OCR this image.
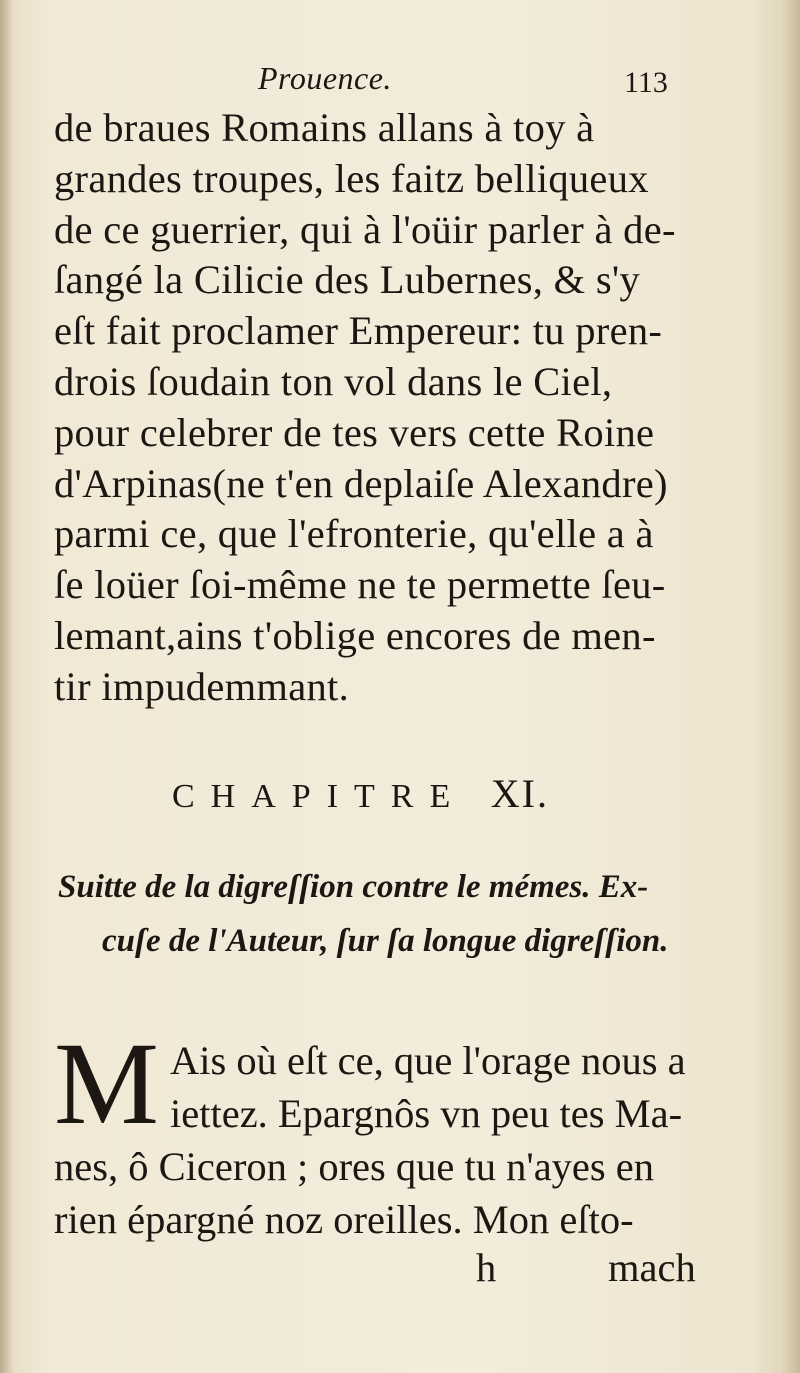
Prouence.	113
de braues Romains allans à toy à
grandes troupes, les faitz belliqueux
de ce guerrier, qui à l'oüir parler à de-
ſangé la Cilicie des Lubernes, & s'y
eſt fait proclamer Empereur: tu pren-
drois ſoudain ton vol dans le Ciel,
pour celebrer de tes vers cette Roine
d'Arpinas(ne t'en deplaiſe Alexandre)
parmi ce, que l'efronterie, qu'elle a à
ſe loüer ſoi-même ne te permette ſeu-
lemant,ains t'oblige encores de men-
tir impudemmant.
CHAPITRE XI.
Suitte de la digreſſion contre le mémes. Ex-
cuſe de l'Auteur, ſur ſa longue digreſſion.
M Ais où eſt ce, que l'orage nous a
iettez. Epargnôs vn peu tes Ma-
nes, ô Ciceron ; ores que tu n'ayes en
rien épargné noz oreilles. Mon eſto-
h	mach
